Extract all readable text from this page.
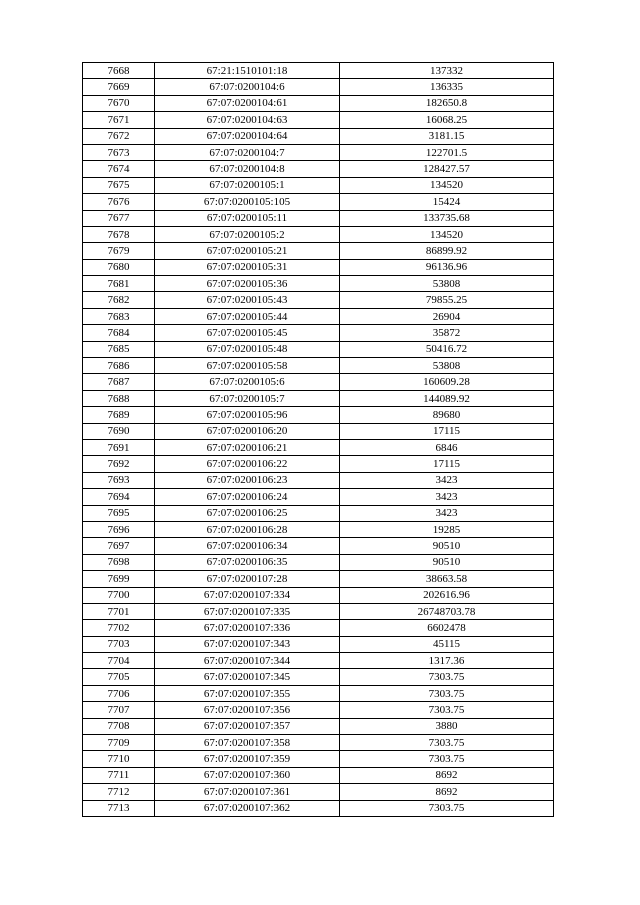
7668	67:21:1510101:18	137332
7669	67:07:0200104:6	136335
7670	67:07:0200104:61	182650.8
7671	67:07:0200104:63	16068.25
7672	67:07:0200104:64	3181.15
7673	67:07:0200104:7	122701.5
7674	67:07:0200104:8	128427.57
7675	67:07:0200105:1	134520
7676	67:07:0200105:105	15424
7677	67:07:0200105:11	133735.68
7678	67:07:0200105:2	134520
7679	67:07:0200105:21	86899.92
7680	67:07:0200105:31	96136.96
7681	67:07:0200105:36	53808
7682	67:07:0200105:43	79855.25
7683	67:07:0200105:44	26904
7684	67:07:0200105:45	35872
7685	67:07:0200105:48	50416.72
7686	67:07:0200105:58	53808
7687	67:07:0200105:6	160609.28
7688	67:07:0200105:7	144089.92
7689	67:07:0200105:96	89680
7690	67:07:0200106:20	17115
7691	67:07:0200106:21	6846
7692	67:07:0200106:22	17115
7693	67:07:0200106:23	3423
7694	67:07:0200106:24	3423
7695	67:07:0200106:25	3423
7696	67:07:0200106:28	19285
7697	67:07:0200106:34	90510
7698	67:07:0200106:35	90510
7699	67:07:0200107:28	38663.58
7700	67:07:0200107:334	202616.96
7701	67:07:0200107:335	26748703.78
7702	67:07:0200107:336	6602478
7703	67:07:0200107:343	45115
7704	67:07:0200107:344	1317.36
7705	67:07:0200107:345	7303.75
7706	67:07:0200107:355	7303.75
7707	67:07:0200107:356	7303.75
7708	67:07:0200107:357	3880
7709	67:07:0200107:358	7303.75
7710	67:07:0200107:359	7303.75
7711	67:07:0200107:360	8692
7712	67:07:0200107:361	8692
7713	67:07:0200107:362	7303.75
